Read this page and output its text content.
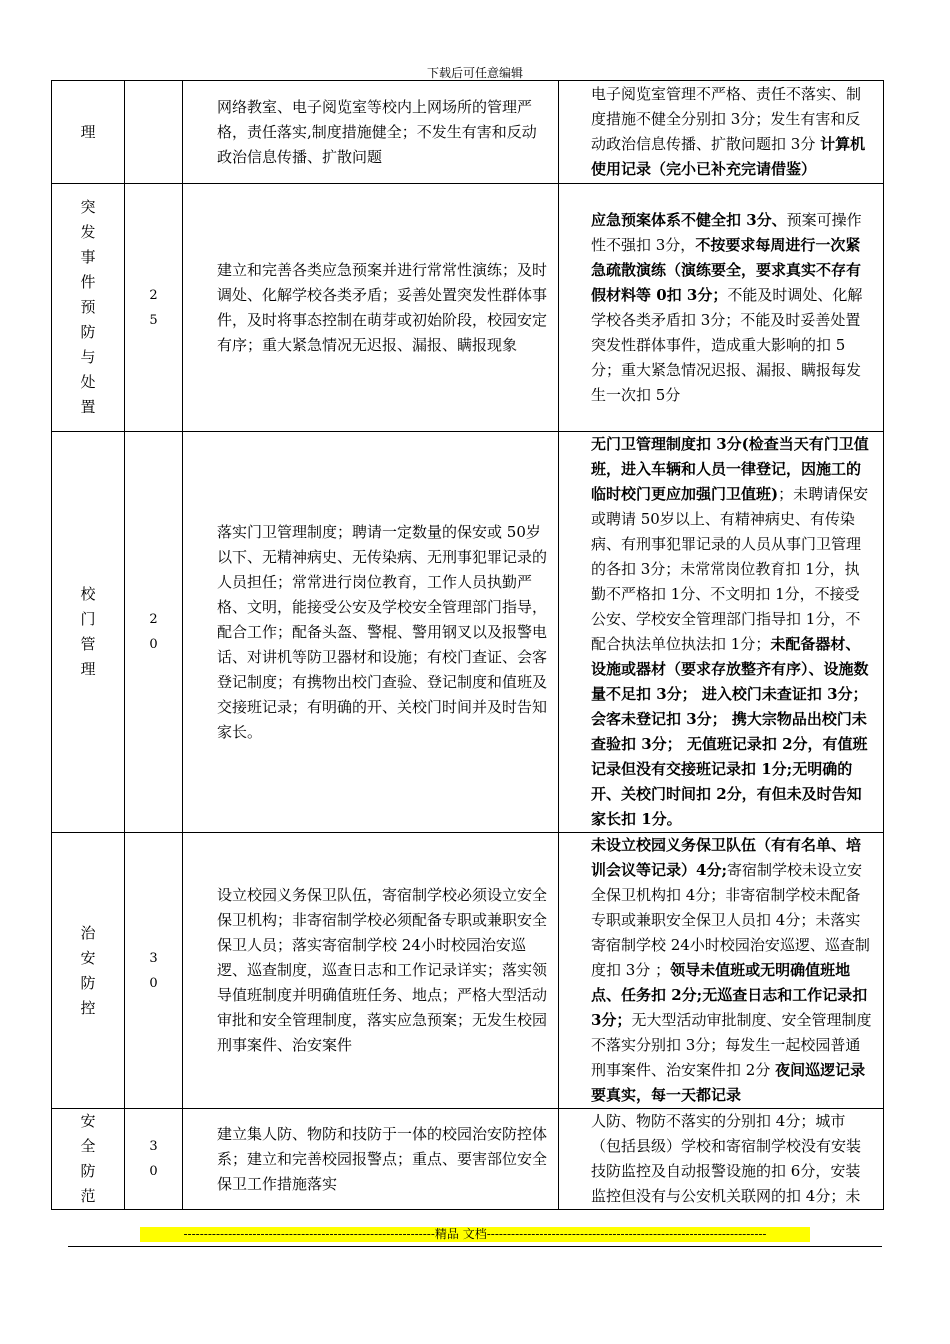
下载后可任意编辑
理		网络教室、电子阅览室等校内上网场所的管理严格，责任落实,制度措施健全；不发生有害和反动政治信息传播、扩散问题	电子阅览室管理不严格、责任不落实、制度措施不健全分别扣 3分；发生有害和反动政治信息传播、扩散问题扣 3分 计算机使用记录（完小已补充完请借鉴）
突发事件预防与处置	25	建立和完善各类应急预案并进行常常性演练；及时调处、化解学校各类矛盾；妥善处置突发性群体事件，及时将事态控制在萌芽或初始阶段，校园安定有序；重大紧急情况无迟报、漏报、瞒报现象	应急预案体系不健全扣 3分、预案可操作性不强扣 3分，不按要求每周进行一次紧急疏散演练（演练要全，要求真实不存有假材料等 0扣 3分；不能及时调处、化解学校各类矛盾扣 3分；不能及时妥善处置突发性群体事件，造成重大影响的扣 5分；重大紧急情况迟报、漏报、瞒报每发生一次扣 5分
校门管理	20	落实门卫管理制度；聘请一定数量的保安或 50岁以下、无精神病史、无传染病、无刑事犯罪记录的人员担任；常常进行岗位教育，工作人员执勤严格、文明，能接受公安及学校安全管理部门指导，配合工作；配备头盔、警棍、警用钢叉以及报警电话、对讲机等防卫器材和设施；有校门查证、会客登记制度；有携物出校门查验、登记制度和值班及交接班记录；有明确的开、关校门时间并及时告知家长。	无门卫管理制度扣 3分(检查当天有门卫值班，进入车辆和人员一律登记，因施工的临时校门更应加强门卫值班)；未聘请保安或聘请 50岁以上、有精神病史、有传染病、有刑事犯罪记录的人员从事门卫管理的各扣 3分；未常常岗位教育扣 1分，执勤不严格扣 1分、不文明扣 1分，不接受公安、学校安全管理部门指导扣 1分，不配合执法单位执法扣 1分；未配备器材、设施或器材（要求存放整齐有序）、设施数量不足扣 3分； 进入校门未查证扣 3分； 会客未登记扣 3分； 携大宗物品出校门未查验扣 3分； 无值班记录扣 2分，有值班记录但没有交接班记录扣 1分;无明确的开、关校门时间扣 2分，有但未及时告知家长扣 1分。
治安防控	30	设立校园义务保卫队伍，寄宿制学校必须设立安全保卫机构；非寄宿制学校必须配备专职或兼职安全保卫人员；落实寄宿制学校 24小时校园治安巡逻、巡查制度，巡查日志和工作记录详实；落实领导值班制度并明确值班任务、地点；严格大型活动审批和安全管理制度，落实应急预案；无发生校园刑事案件、治安案件	未设立校园义务保卫队伍（有有名单、培训会议等记录）4分;寄宿制学校未设立安全保卫机构扣 4分；非寄宿制学校未配备专职或兼职安全保卫人员扣 4分；未落实寄宿制学校 24小时校园治安巡逻、巡查制度扣 3分 ；领导未值班或无明确值班地点、任务扣 2分;无巡查日志和工作记录扣 3分；无大型活动审批制度、安全管理制度不落实分别扣 3分；每发生一起校园普通刑事案件、治安案件扣 2分 夜间巡逻记录要真实，每一天都记录
安全防范	30	建立集人防、物防和技防于一体的校园治安防控体系；建立和完善校园报警点；重点、要害部位安全保卫工作措施落实	人防、物防不落实的分别扣 4分；城市（包括县级）学校和寄宿制学校没有安装技防监控及自动报警设施的扣 6分，安装监控但没有与公安机关联网的扣 4分；未
--------------------------------------------------------------精品 文档---------------------------------------------------------------------
